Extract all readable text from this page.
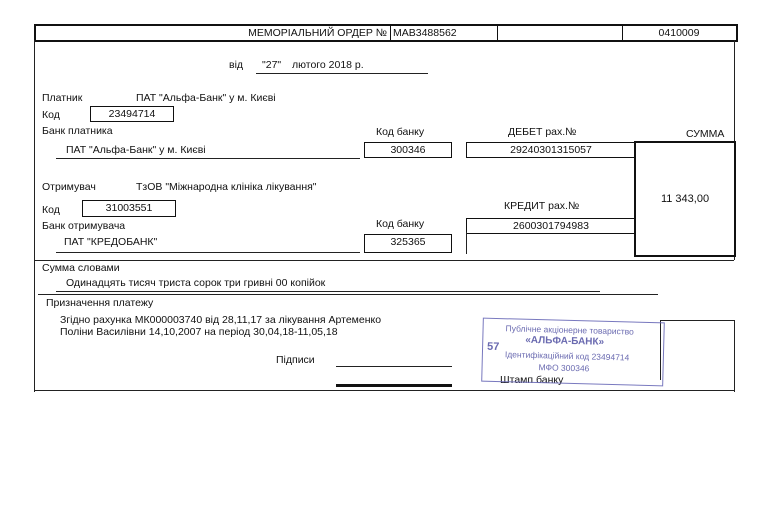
МЕМОРІАЛЬНИЙ ОРДЕР № MAB3488562	0410009
від "27" лютого 2018 р.
Платник	ПАТ "Альфа-Банк" у м. Києві
Код	23494714
Банк платника	Код банку	ДЕБЕТ рах.№	СУММА
ПАТ "Альфа-Банк" у м. Києві	300346	29240301315057
11 343,00
Отримувач	ТзОВ "Міжнародна клініка лікування"
Код	31003551	КРЕДИТ рах.№
Банк отримувача	Код банку	2600301794983
ПАТ "КРЕДОБАНК"	325365
Сумма словами
Одинадцять тисяч триста сорок три гривні 00 копійок
Призначення платежу
Згідно рахунка МК000003740 від 28,11,17 за лікування Артеменко
Поліни Василівни 14,10,2007 на період 30,04,18-11,05,18
Підписи
Штамп банку
57
Публічне акціонерне товариство
«АЛЬФА-БАНК»
Ідентифікаційний код 23494714
МФО 300346
